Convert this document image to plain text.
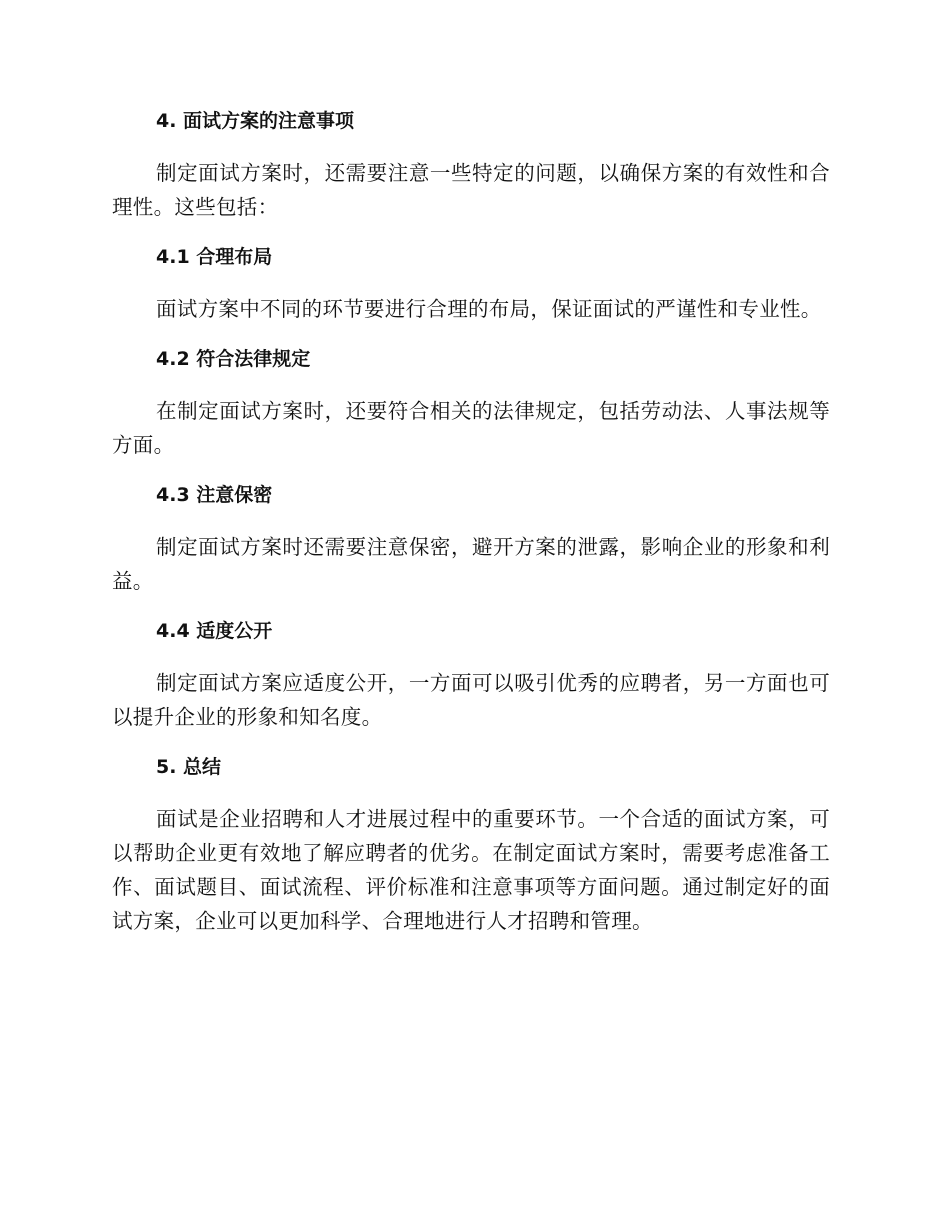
4. 面试方案的注意事项

制定面试方案时，还需要注意一些特定的问题，以确保方案的有效性和合理性。这些包括：

4.1 合理布局

面试方案中不同的环节要进行合理的布局，保证面试的严谨性和专业性。

4.2 符合法律规定

在制定面试方案时，还要符合相关的法律规定，包括劳动法、人事法规等方面。

4.3 注意保密

制定面试方案时还需要注意保密，避开方案的泄露，影响企业的形象和利益。

4.4 适度公开

制定面试方案应适度公开，一方面可以吸引优秀的应聘者，另一方面也可以提升企业的形象和知名度。

5. 总结

面试是企业招聘和人才进展过程中的重要环节。一个合适的面试方案，可以帮助企业更有效地了解应聘者的优劣。在制定面试方案时，需要考虑准备工作、面试题目、面试流程、评价标准和注意事项等方面问题。通过制定好的面试方案，企业可以更加科学、合理地进行人才招聘和管理。
